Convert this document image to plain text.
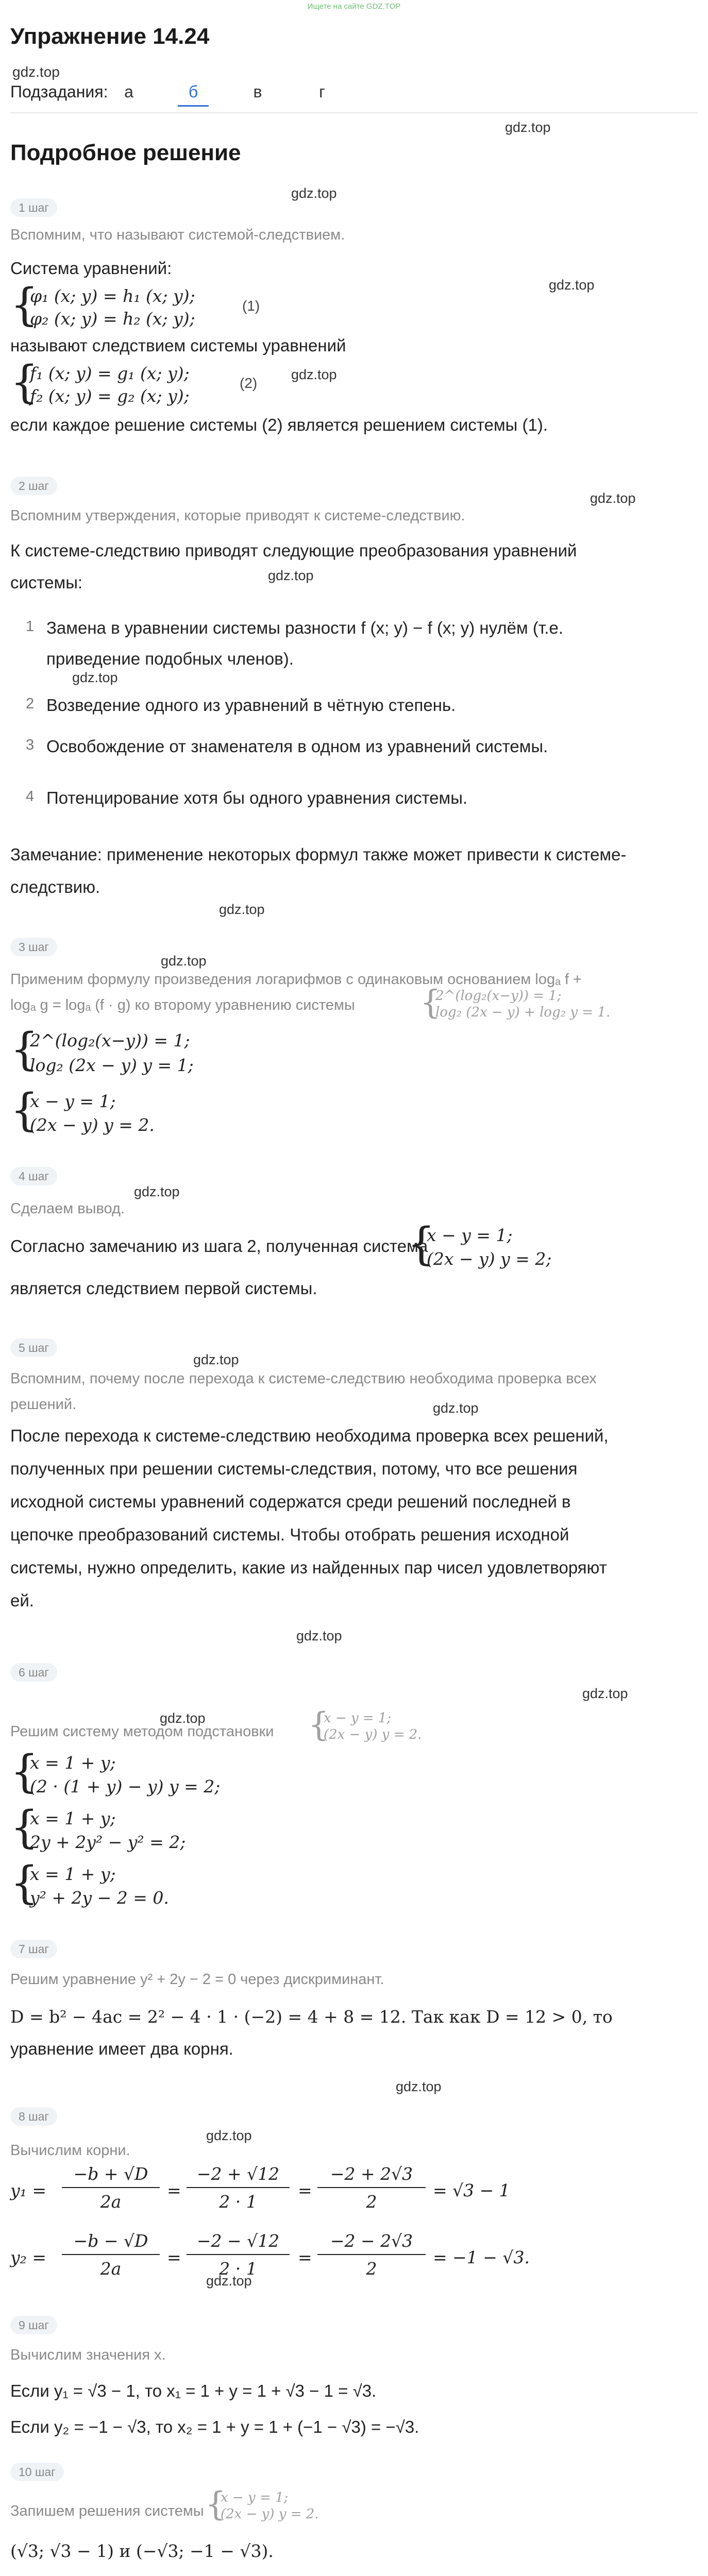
Ищете на сайте GDZ.TOP
Упражнение 14.24
gdz.top
Подзадания: а	б	в	г
gdz.top
Подробное решение
gdz.top
1 шаг
Вспомним, что называют системой-следствием.
gdz.top
Система уравнений:
{
φ₁ (x; y) = h₁ (x; y);
φ₂ (x; y) = h₂ (x; y);
(1)
называют следствием системы уравнений
{
f₁ (x; y) = g₁ (x; y);
f₂ (x; y) = g₂ (x; y);
(2)
gdz.top
если каждое решение системы (2) является решением системы (1).
2 шаг
gdz.top
Вспомним утверждения, которые приводят к системе-следствию.
К системе-следствию приводят следующие преобразования уравнений
системы:	gdz.top
1 Замена в уравнении системы разности f (x; y) − f (x; y) нулём (т.е.
приведение подобных членов).
gdz.top
2 Возведение одного из уравнений в чётную степень.
3 Освобождение от знаменателя в одном из уравнений системы.
4 Потенцирование хотя бы одного уравнения системы.
Замечание: применение некоторых формул также может привести к системе-
следствию.
gdz.top
3 шаг
gdz.top
Применим формулу произведения логарифмов с одинаковым основанием logₐ f +
logₐ g = logₐ (f · g) ко второму уравнению системы {
2^(log₂(x−y)) = 1;
log₂ (2x − y) + log₂ y = 1.
{
2^(log₂(x−y)) = 1;
log₂ (2x − y) y = 1;
{
x − y = 1;
(2x − y) y = 2.
4 шаг
gdz.top
Сделаем вывод.
Согласно замечанию из шага 2, полученная система
{
x − y = 1;
(2x − y) y = 2;
является следствием первой системы.
5 шаг
gdz.top
Вспомним, почему после перехода к системе-следствию необходима проверка всех
решений.	gdz.top
После перехода к системе-следствию необходима проверка всех решений,
полученных при решении системы-следствия, потому, что все решения
исходной системы уравнений содержатся среди решений последней в
цепочке преобразований системы. Чтобы отобрать решения исходной
системы, нужно определить, какие из найденных пар чисел удовлетворяют
ей.
gdz.top
6 шаг
gdz.top
gdz.top
Решим систему методом подстановки {
x − y = 1;
(2x − y) y = 2.
{
x = 1 + y;
(2 · (1 + y) − y) y = 2;
{
x = 1 + y;
2y + 2y² − y² = 2;
{
x = 1 + y;
y² + 2y − 2 = 0.
7 шаг
Решим уравнение y² + 2y − 2 = 0 через дискриминант.
D = b² − 4ac = 2² − 4 · 1 · (−2) = 4 + 8 = 12. Так как D = 12 > 0, то
уравнение имеет два корня.
gdz.top
8 шаг
gdz.top
Вычислим корни.
y₁ =
−b + √D
2a
=
−2 + √12
2 · 1
=
−2 + 2√3
2
= √3 − 1
y₂ =
−b − √D
2a
=
−2 − √12
2 · 1
=
−2 − 2√3
2
= −1 − √3.
gdz.top
9 шаг
Вычислим значения x.
Если y₁ = √3 − 1, то x₁ = 1 + y = 1 + √3 − 1 = √3.
Если y₂ = −1 − √3, то x₂ = 1 + y = 1 + (−1 − √3) = −√3.
10 шаг
Запишем решения системы {
x − y = 1;
(2x − y) y = 2.
(√3; √3 − 1) и (−√3; −1 − √3).
